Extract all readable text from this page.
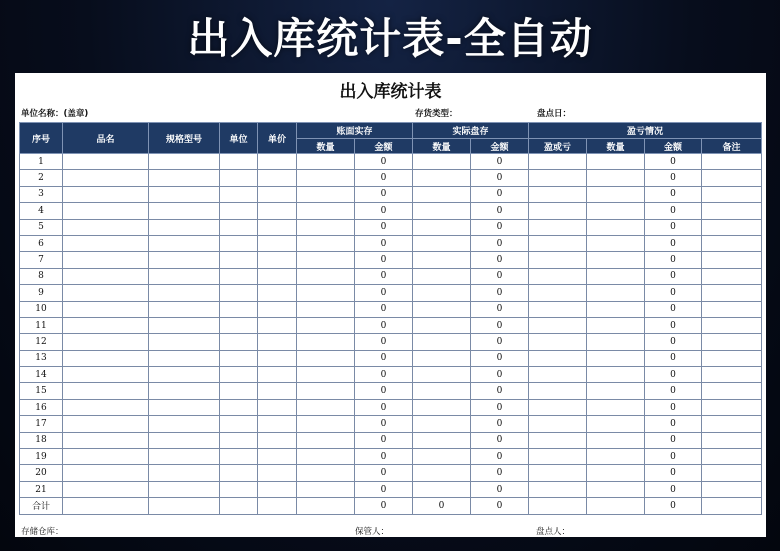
出入库统计表-全自动
出入库统计表
单位名称：(盖章)	存货类型：	盘点日：
序号	品名	规格型号	单位	单价	账面实存		实际盘存		盈亏情况			
					数量	金额	数量	金额	盈或亏	数量	金额	备注
1						0		0			0	
2						0		0			0	
3						0		0			0	
4						0		0			0	
5						0		0			0	
6						0		0			0	
7						0		0			0	
8						0		0			0	
9						0		0			0	
10						0		0			0	
11						0		0			0	
12						0		0			0	
13						0		0			0	
14						0		0			0	
15						0		0			0	
16						0		0			0	
17						0		0			0	
18						0		0			0	
19						0		0			0	
20						0		0			0	
21						0		0			0	
合计						0	0	0			0	
存储仓库：	保管人：	盘点人：
